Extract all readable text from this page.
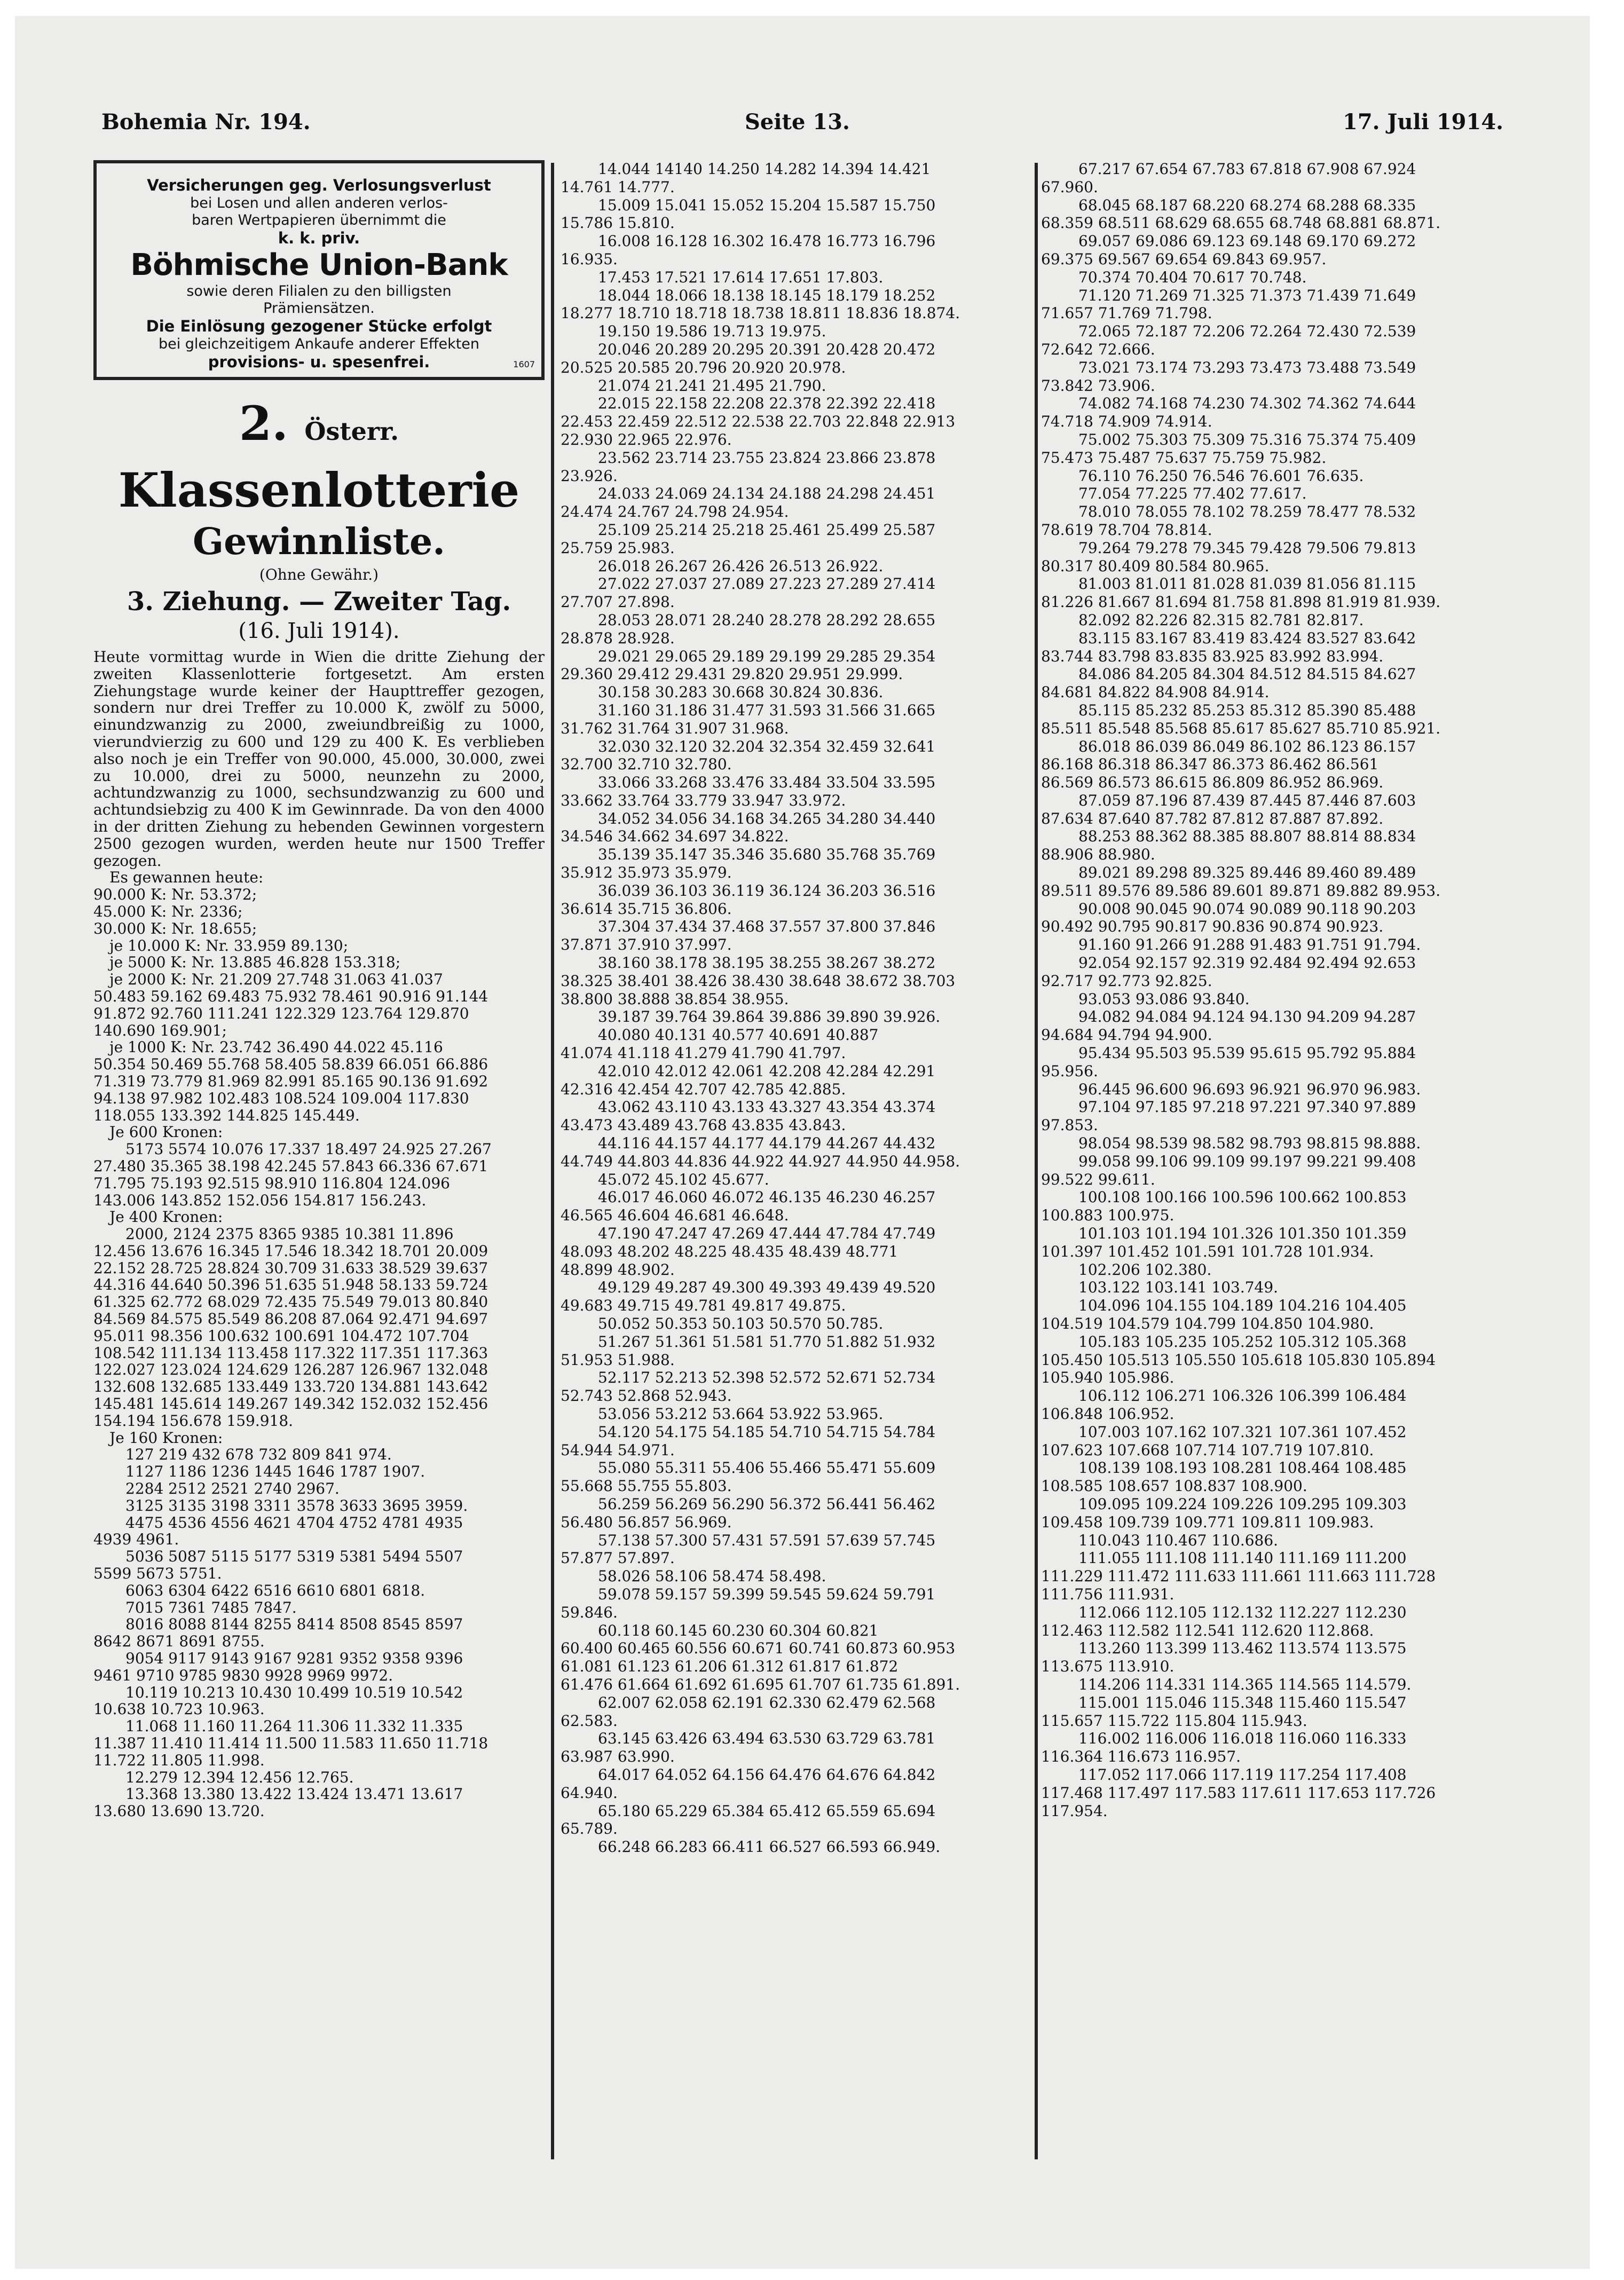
Bohemia Nr. 194.	Seite 13.	17. Juli 1914.
Versicherungen geg. Verlosungsverlust
bei Losen und allen anderen verlos-
baren Wertpapieren übernimmt die
k. k. priv.
Böhmische Union-Bank
sowie deren Filialen zu den billigsten
Prämiensätzen.
Die Einlösung gezogener Stücke erfolgt
bei gleichzeitigem Ankaufe anderer Effekten
provisions- u. spesenfrei.	1607
2. Österr. Klassenlotterie
Gewinnliste.
(Ohne Gewähr.)
3. Ziehung. — Zweiter Tag.
(16. Juli 1914).
Heute vormittag wurde in Wien die dritte Ziehung der zweiten Klassenlotterie fortgesetzt. Am ersten Ziehungstage wurde keiner der Haupttreffer gezogen, sondern nur drei Treffer zu 10.000 K, zwölf zu 5000, einundzwanzig zu 2000, zweiundbreißig zu 1000, vierundvierzig zu 600 und 129 zu 400 K. Es verblieben also noch je ein Treffer von 90.000, 45.000, 30.000, zwei zu 10.000, drei zu 5000, neunzehn zu 2000, achtundzwanzig zu 1000, sechsundzwanzig zu 600 und achtundsiebzig zu 400 K im Gewinnrade. Da von den 4000 in der dritten Ziehung zu hebenden Gewinnen vorgestern 2500 gezogen wurden, werden heute nur 1500 Treffer gezogen.
Es gewannen heute:
90.000 K: Nr. 53.372;
45.000 K: Nr. 2336;
30.000 K: Nr. 18.655;
je 10.000 K: Nr. 33.959 89.130;
je 5000 K: Nr. 13.885 46.828 153.318;
je 2000 K: Nr. 21.209 27.748 31.063 41.037
50.483 59.162 69.483 75.932 78.461 90.916 91.144
91.872 92.760 111.241 122.329 123.764 129.870
140.690 169.901;
je 1000 K: Nr. 23.742 36.490 44.022 45.116
50.354 50.469 55.768 58.405 58.839 66.051 66.886
71.319 73.779 81.969 82.991 85.165 90.136 91.692
94.138 97.982 102.483 108.524 109.004 117.830
118.055 133.392 144.825 145.449.
Je 600 Kronen:
5173 5574 10.076 17.337 18.497 24.925 27.267
27.480 35.365 38.198 42.245 57.843 66.336 67.671
71.795 75.193 92.515 98.910 116.804 124.096
143.006 143.852 152.056 154.817 156.243.
Je 400 Kronen:
2000, 2124 2375 8365 9385 10.381 11.896
12.456 13.676 16.345 17.546 18.342 18.701 20.009
22.152 28.725 28.824 30.709 31.633 38.529 39.637
44.316 44.640 50.396 51.635 51.948 58.133 59.724
61.325 62.772 68.029 72.435 75.549 79.013 80.840
84.569 84.575 85.549 86.208 87.064 92.471 94.697
95.011 98.356 100.632 100.691 104.472 107.704
108.542 111.134 113.458 117.322 117.351 117.363
122.027 123.024 124.629 126.287 126.967 132.048
132.608 132.685 133.449 133.720 134.881 143.642
145.481 145.614 149.267 149.342 152.032 152.456
154.194 156.678 159.918.
Je 160 Kronen:
127 219 432 678 732 809 841 974.
1127 1186 1236 1445 1646 1787 1907.
2284 2512 2521 2740 2967.
3125 3135 3198 3311 3578 3633 3695 3959.
4475 4536 4556 4621 4704 4752 4781 4935
4939 4961.
5036 5087 5115 5177 5319 5381 5494 5507
5599 5673 5751.
6063 6304 6422 6516 6610 6801 6818.
7015 7361 7485 7847.
8016 8088 8144 8255 8414 8508 8545 8597
8642 8671 8691 8755.
9054 9117 9143 9167 9281 9352 9358 9396
9461 9710 9785 9830 9928 9969 9972.
10.119 10.213 10.430 10.499 10.519 10.542
10.638 10.723 10.963.
11.068 11.160 11.264 11.306 11.332 11.335
11.387 11.410 11.414 11.500 11.583 11.650 11.718
11.722 11.805 11.998.
12.279 12.394 12.456 12.765.
13.368 13.380 13.422 13.424 13.471 13.617
13.680 13.690 13.720.
14.044 14140 14.250 14.282 14.394 14.421
14.761 14.777.
15.009 15.041 15.052 15.204 15.587 15.750
15.786 15.810.
16.008 16.128 16.302 16.478 16.773 16.796
16.935.
17.453 17.521 17.614 17.651 17.803.
18.044 18.066 18.138 18.145 18.179 18.252
18.277 18.710 18.718 18.738 18.811 18.836 18.874.
19.150 19.586 19.713 19.975.
20.046 20.289 20.295 20.391 20.428 20.472
20.525 20.585 20.796 20.920 20.978.
21.074 21.241 21.495 21.790.
22.015 22.158 22.208 22.378 22.392 22.418
22.453 22.459 22.512 22.538 22.703 22.848 22.913
22.930 22.965 22.976.
23.562 23.714 23.755 23.824 23.866 23.878
23.926.
24.033 24.069 24.134 24.188 24.298 24.451
24.474 24.767 24.798 24.954.
25.109 25.214 25.218 25.461 25.499 25.587
25.759 25.983.
26.018 26.267 26.426 26.513 26.922.
27.022 27.037 27.089 27.223 27.289 27.414
27.707 27.898.
28.053 28.071 28.240 28.278 28.292 28.655
28.878 28.928.
29.021 29.065 29.189 29.199 29.285 29.354
29.360 29.412 29.431 29.820 29.951 29.999.
30.158 30.283 30.668 30.824 30.836.
31.160 31.186 31.477 31.593 31.566 31.665
31.762 31.764 31.907 31.968.
32.030 32.120 32.204 32.354 32.459 32.641
32.700 32.710 32.780.
33.066 33.268 33.476 33.484 33.504 33.595
33.662 33.764 33.779 33.947 33.972.
34.052 34.056 34.168 34.265 34.280 34.440
34.546 34.662 34.697 34.822.
35.139 35.147 35.346 35.680 35.768 35.769
35.912 35.973 35.979.
36.039 36.103 36.119 36.124 36.203 36.516
36.614 35.715 36.806.
37.304 37.434 37.468 37.557 37.800 37.846
37.871 37.910 37.997.
38.160 38.178 38.195 38.255 38.267 38.272
38.325 38.401 38.426 38.430 38.648 38.672 38.703
38.800 38.888 38.854 38.955.
39.187 39.764 39.864 39.886 39.890 39.926.
40.080 40.131 40.577 40.691 40.887
41.074 41.118 41.279 41.790 41.797.
42.010 42.012 42.061 42.208 42.284 42.291
42.316 42.454 42.707 42.785 42.885.
43.062 43.110 43.133 43.327 43.354 43.374
43.473 43.489 43.768 43.835 43.843.
44.116 44.157 44.177 44.179 44.267 44.432
44.749 44.803 44.836 44.922 44.927 44.950 44.958.
45.072 45.102 45.677.
46.017 46.060 46.072 46.135 46.230 46.257
46.565 46.604 46.681 46.648.
47.190 47.247 47.269 47.444 47.784 47.749
48.093 48.202 48.225 48.435 48.439 48.771
48.899 48.902.
49.129 49.287 49.300 49.393 49.439 49.520
49.683 49.715 49.781 49.817 49.875.
50.052 50.353 50.103 50.570 50.785.
51.267 51.361 51.581 51.770 51.882 51.932
51.953 51.988.
52.117 52.213 52.398 52.572 52.671 52.734
52.743 52.868 52.943.
53.056 53.212 53.664 53.922 53.965.
54.120 54.175 54.185 54.710 54.715 54.784
54.944 54.971.
55.080 55.311 55.406 55.466 55.471 55.609
55.668 55.755 55.803.
56.259 56.269 56.290 56.372 56.441 56.462
56.480 56.857 56.969.
57.138 57.300 57.431 57.591 57.639 57.745
57.877 57.897.
58.026 58.106 58.474 58.498.
59.078 59.157 59.399 59.545 59.624 59.791
59.846.
60.118 60.145 60.230 60.304 60.821
60.400 60.465 60.556 60.671 60.741 60.873 60.953
61.081 61.123 61.206 61.312 61.817 61.872
61.476 61.664 61.692 61.695 61.707 61.735 61.891.
62.007 62.058 62.191 62.330 62.479 62.568
62.583.
63.145 63.426 63.494 63.530 63.729 63.781
63.987 63.990.
64.017 64.052 64.156 64.476 64.676 64.842
64.940.
65.180 65.229 65.384 65.412 65.559 65.694
65.789.
66.248 66.283 66.411 66.527 66.593 66.949.
67.217 67.654 67.783 67.818 67.908 67.924
67.960.
68.045 68.187 68.220 68.274 68.288 68.335
68.359 68.511 68.629 68.655 68.748 68.881 68.871.
69.057 69.086 69.123 69.148 69.170 69.272
69.375 69.567 69.654 69.843 69.957.
70.374 70.404 70.617 70.748.
71.120 71.269 71.325 71.373 71.439 71.649
71.657 71.769 71.798.
72.065 72.187 72.206 72.264 72.430 72.539
72.642 72.666.
73.021 73.174 73.293 73.473 73.488 73.549
73.842 73.906.
74.082 74.168 74.230 74.302 74.362 74.644
74.718 74.909 74.914.
75.002 75.303 75.309 75.316 75.374 75.409
75.473 75.487 75.637 75.759 75.982.
76.110 76.250 76.546 76.601 76.635.
77.054 77.225 77.402 77.617.
78.010 78.055 78.102 78.259 78.477 78.532
78.619 78.704 78.814.
79.264 79.278 79.345 79.428 79.506 79.813
80.317 80.409 80.584 80.965.
81.003 81.011 81.028 81.039 81.056 81.115
81.226 81.667 81.694 81.758 81.898 81.919 81.939.
82.092 82.226 82.315 82.781 82.817.
83.115 83.167 83.419 83.424 83.527 83.642
83.744 83.798 83.835 83.925 83.992 83.994.
84.086 84.205 84.304 84.512 84.515 84.627
84.681 84.822 84.908 84.914.
85.115 85.232 85.253 85.312 85.390 85.488
85.511 85.548 85.568 85.617 85.627 85.710 85.921.
86.018 86.039 86.049 86.102 86.123 86.157
86.168 86.318 86.347 86.373 86.462 86.561
86.569 86.573 86.615 86.809 86.952 86.969.
87.059 87.196 87.439 87.445 87.446 87.603
87.634 87.640 87.782 87.812 87.887 87.892.
88.253 88.362 88.385 88.807 88.814 88.834
88.906 88.980.
89.021 89.298 89.325 89.446 89.460 89.489
89.511 89.576 89.586 89.601 89.871 89.882 89.953.
90.008 90.045 90.074 90.089 90.118 90.203
90.492 90.795 90.817 90.836 90.874 90.923.
91.160 91.266 91.288 91.483 91.751 91.794.
92.054 92.157 92.319 92.484 92.494 92.653
92.717 92.773 92.825.
93.053 93.086 93.840.
94.082 94.084 94.124 94.130 94.209 94.287
94.684 94.794 94.900.
95.434 95.503 95.539 95.615 95.792 95.884
95.956.
96.445 96.600 96.693 96.921 96.970 96.983.
97.104 97.185 97.218 97.221 97.340 97.889
97.853.
98.054 98.539 98.582 98.793 98.815 98.888.
99.058 99.106 99.109 99.197 99.221 99.408
99.522 99.611.
100.108 100.166 100.596 100.662 100.853
100.883 100.975.
101.103 101.194 101.326 101.350 101.359
101.397 101.452 101.591 101.728 101.934.
102.206 102.380.
103.122 103.141 103.749.
104.096 104.155 104.189 104.216 104.405
104.519 104.579 104.799 104.850 104.980.
105.183 105.235 105.252 105.312 105.368
105.450 105.513 105.550 105.618 105.830 105.894
105.940 105.986.
106.112 106.271 106.326 106.399 106.484
106.848 106.952.
107.003 107.162 107.321 107.361 107.452
107.623 107.668 107.714 107.719 107.810.
108.139 108.193 108.281 108.464 108.485
108.585 108.657 108.837 108.900.
109.095 109.224 109.226 109.295 109.303
109.458 109.739 109.771 109.811 109.983.
110.043 110.467 110.686.
111.055 111.108 111.140 111.169 111.200
111.229 111.472 111.633 111.661 111.663 111.728
111.756 111.931.
112.066 112.105 112.132 112.227 112.230
112.463 112.582 112.541 112.620 112.868.
113.260 113.399 113.462 113.574 113.575
113.675 113.910.
114.206 114.331 114.365 114.565 114.579.
115.001 115.046 115.348 115.460 115.547
115.657 115.722 115.804 115.943.
116.002 116.006 116.018 116.060 116.333
116.364 116.673 116.957.
117.052 117.066 117.119 117.254 117.408
117.468 117.497 117.583 117.611 117.653 117.726
117.954.
